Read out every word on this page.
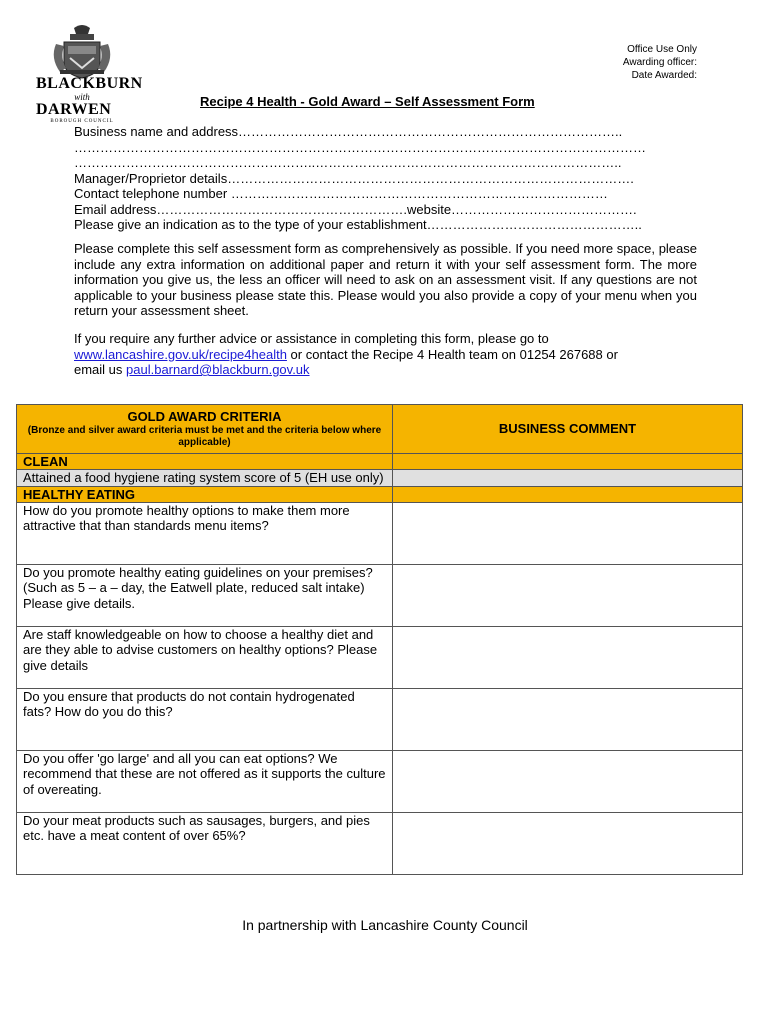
BLACKBURN
with
DARWEN
BOROUGH COUNCIL
Office Use Only
Awarding officer:
Date Awarded:
Recipe 4 Health - Gold Award – Self Assessment Form
Business name and address……………………………………………………………………………..
……………………………………………………………………………………………………………………
………………………………………………..……………………………………………………………..
Manager/Proprietor details………………………………………………………………………………….
Contact telephone number ……………………………………………………………………………
Email address………………………………………………….website…………………………………….
Please give an indication as to the type of your establishment…………………………………………..
Please complete this self assessment form as comprehensively as possible. If you need more space, please include any extra information on additional paper and return it with your self assessment form. The more information you give us, the less an officer will need to ask on an assessment visit. If any questions are not applicable to your business please state this. Please would you also provide a copy of your menu when you return your assessment sheet.
If you require any further advice or assistance in completing this form, please go to
www.lancashire.gov.uk/recipe4health or contact the Recipe 4 Health team on 01254 267688 or
email us paul.barnard@blackburn.gov.uk
GOLD AWARD CRITERIA
(Bronze and silver award criteria must be met and the criteria below where applicable)	BUSINESS COMMENT
CLEAN	
Attained a food hygiene rating system score of 5 (EH use only)	
HEALTHY EATING	
How do you promote healthy options to make them more attractive that than standards menu items?	
Do you promote healthy eating guidelines on your premises? (Such as 5 – a – day, the Eatwell plate, reduced salt intake) Please give details.	
Are staff knowledgeable on how to choose a healthy diet and are they able to advise customers on healthy options? Please give details	
Do you ensure that products do not contain hydrogenated fats? How do you do this?	
Do you offer 'go large' and all you can eat options? We recommend that these are not offered as it supports the culture of overeating.	
Do your meat products such as sausages, burgers, and pies etc. have a meat content of over 65%?	
In partnership with Lancashire County Council
